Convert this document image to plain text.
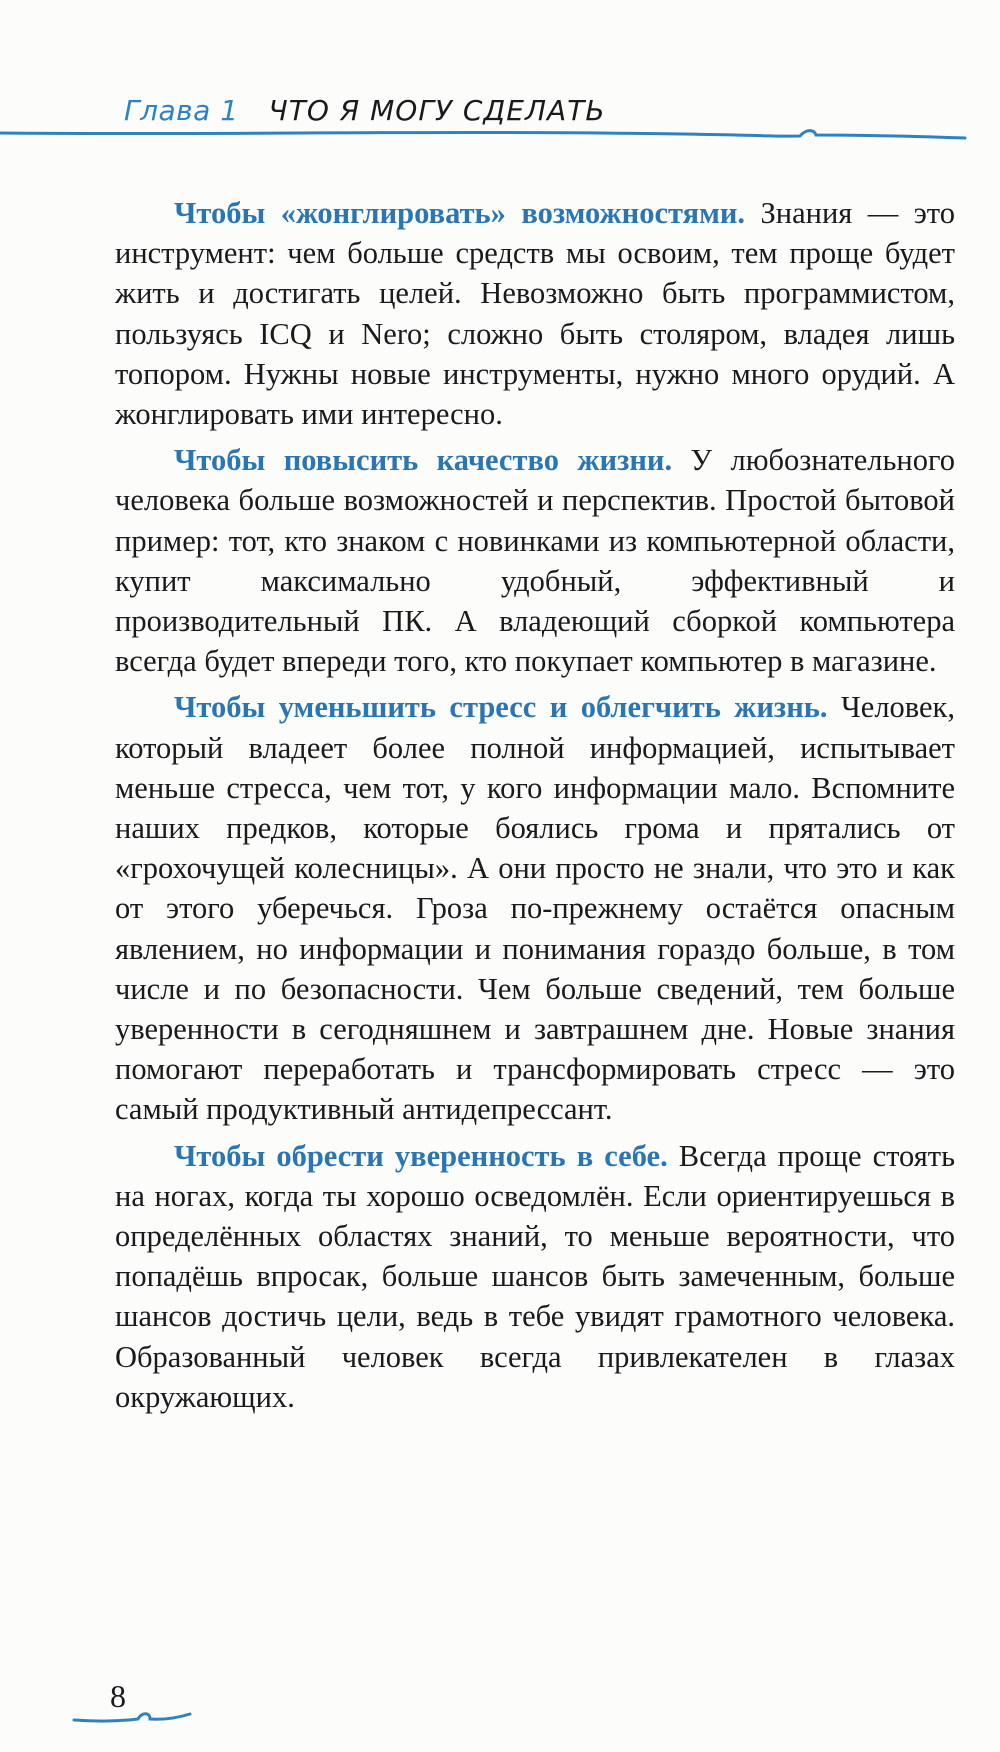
Глава 1 ЧТО Я МОГУ СДЕЛАТЬ

Чтобы «жонглировать» возможностями. Знания — это инструмент: чем больше средств мы освоим, тем проще будет жить и достигать целей. Невозможно быть программистом, пользуясь ICQ и Nero; сложно быть столяром, владея лишь топором. Нужны новые инструменты, нужно много орудий. А жонглировать ими интересно.

Чтобы повысить качество жизни. У любознательного человека больше возможностей и перспектив. Простой бытовой пример: тот, кто знаком с новинками из компьютерной области, купит максимально удобный, эффективный и производительный ПК. А владеющий сборкой компьютера всегда будет впереди того, кто покупает компьютер в магазине.

Чтобы уменьшить стресс и облегчить жизнь. Человек, который владеет более полной информацией, испытывает меньше стресса, чем тот, у кого информации мало. Вспомните наших предков, которые боялись грома и прятались от «грохочущей колесницы». А они просто не знали, что это и как от этого уберечься. Гроза по-прежнему остаётся опасным явлением, но информации и понимания гораздо больше, в том числе и по безопасности. Чем больше сведений, тем больше уверенности в сегодняшнем и завтрашнем дне. Новые знания помогают переработать и трансформировать стресс — это самый продуктивный антидепрессант.

Чтобы обрести уверенность в себе. Всегда проще стоять на ногах, когда ты хорошо осведомлён. Если ориентируешься в определённых областях знаний, то меньше вероятности, что попадёшь впросак, больше шансов быть замеченным, больше шансов достичь цели, ведь в тебе увидят грамотного человека. Образованный человек всегда привлекателен в глазах окружающих.

8
